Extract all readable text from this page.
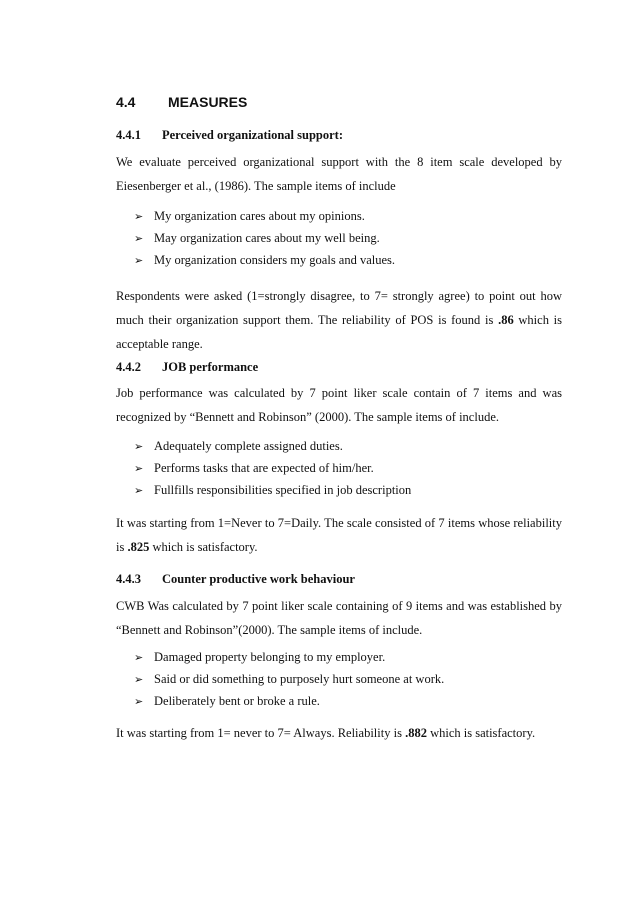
4.4 MEASURES
4.4.1 Perceived organizational support:

We evaluate perceived organizational support with the 8 item scale developed by Eiesenberger et al., (1986). The sample items of include

➢ My organization cares about my opinions.
➢ May organization cares about my well being.
➢ My organization considers my goals and values.

Respondents were asked (1=strongly disagree, to 7= strongly agree) to point out how much their organization support them. The reliability of POS is found is .86 which is acceptable range.

4.4.2 JOB performance

Job performance was calculated by 7 point liker scale contain of 7 items and was recognized by “Bennett and Robinson” (2000). The sample items of include.

➢ Adequately complete assigned duties.
➢ Performs tasks that are expected of him/her.
➢ Fullfills responsibilities specified in job description

It was starting from 1=Never to 7=Daily. The scale consisted of 7 items whose reliability is .825 which is satisfactory.

4.4.3 Counter productive work behaviour

CWB Was calculated by 7 point liker scale containing of 9 items and was established by “Bennett and Robinson”(2000). The sample items of include.

➢ Damaged property belonging to my employer.
➢ Said or did something to purposely hurt someone at work.
➢ Deliberately bent or broke a rule.

It was starting from 1= never to 7= Always. Reliability is .882 which is satisfactory.
